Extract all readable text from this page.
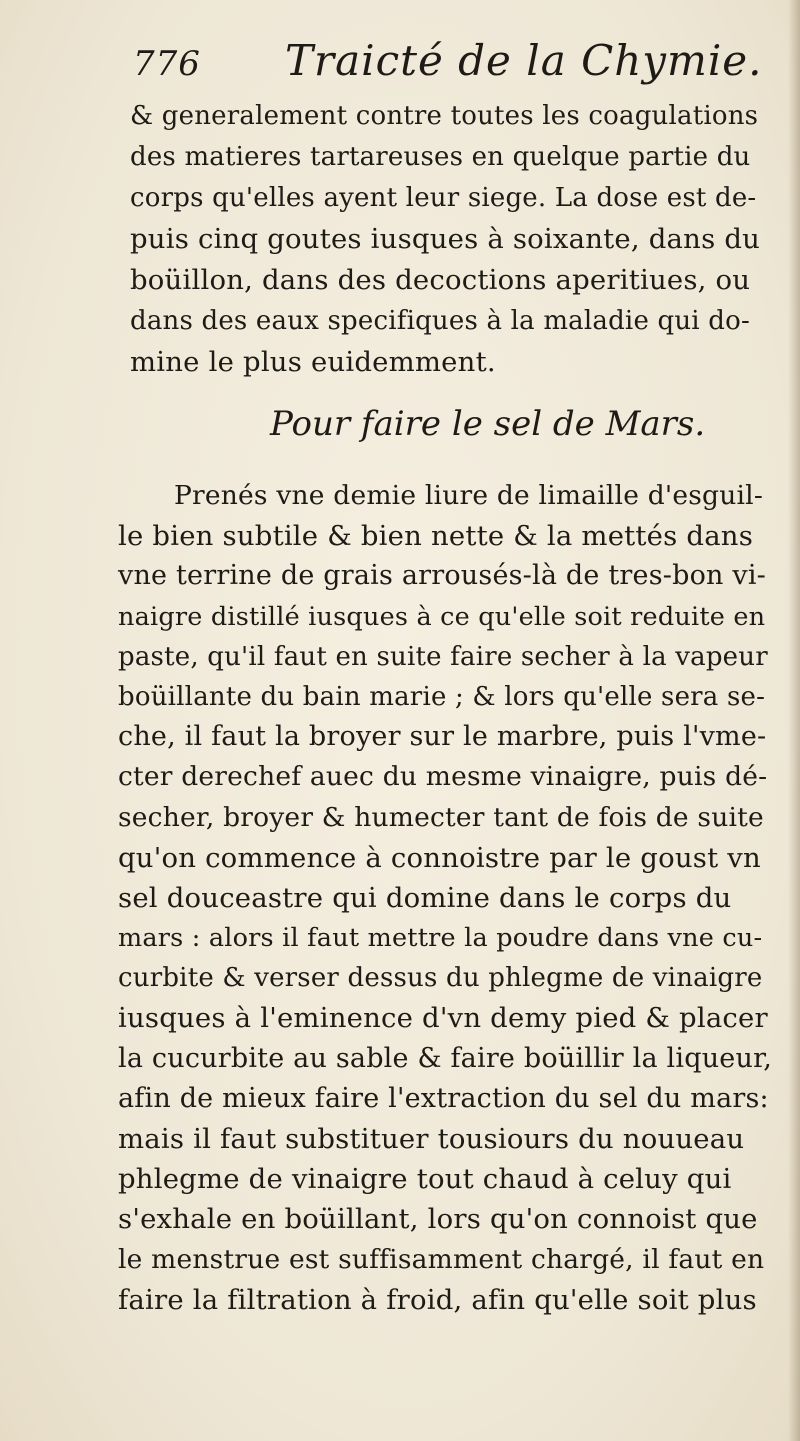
776 Traicté de la Chymie.
& generalement contre toutes les coagulations
des matieres tartareuses en quelque partie du
corps qu'elles ayent leur siege. La dose est de-
puis cinq goutes iusques à soixante, dans du
boüillon, dans des decoctions aperitiues, ou
dans des eaux specifiques à la maladie qui do-
mine le plus euidemment.
Pour faire le sel de Mars.
Prenés vne demie liure de limaille d'esguil-
le bien subtile & bien nette & la mettés dans
vne terrine de grais arrousés-là de tres-bon vi-
naigre distillé iusques à ce qu'elle soit reduite en
paste, qu'il faut en suite faire secher à la vapeur
boüillante du bain marie ; & lors qu'elle sera se-
che, il faut la broyer sur le marbre, puis l'vme-
cter derechef auec du mesme vinaigre, puis dé-
secher, broyer & humecter tant de fois de suite
qu'on commence à connoistre par le goust vn
sel douceastre qui domine dans le corps du
mars : alors il faut mettre la poudre dans vne cu-
curbite & verser dessus du phlegme de vinaigre
iusques à l'eminence d'vn demy pied & placer
la cucurbite au sable & faire boüillir la liqueur,
afin de mieux faire l'extraction du sel du mars:
mais il faut substituer tousiours du nouueau
phlegme de vinaigre tout chaud à celuy qui
s'exhale en boüillant, lors qu'on connoist que
le menstrue est suffisamment chargé, il faut en
faire la filtration à froid, afin qu'elle soit plus
